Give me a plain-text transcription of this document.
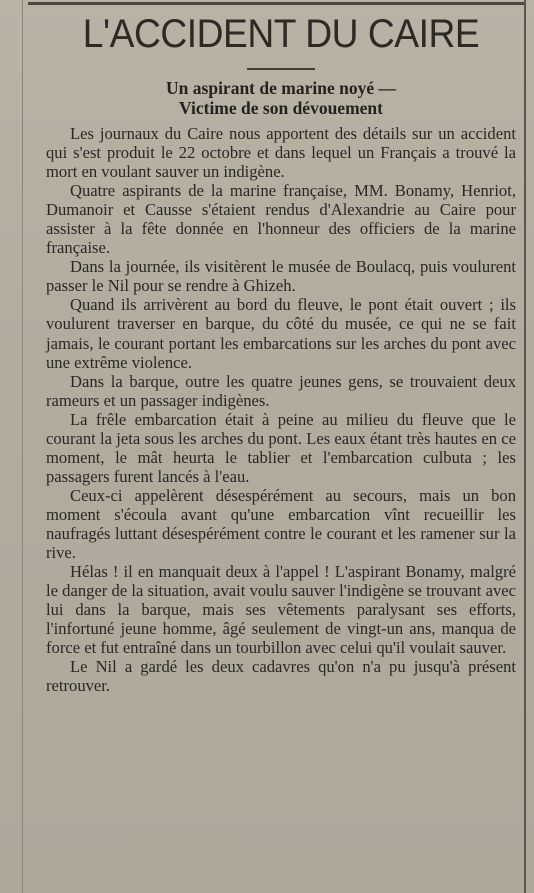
L'ACCIDENT DU CAIRE
Un aspirant de marine noyé —
Victime de son dévouement

Les journaux du Caire nous apportent des détails sur un accident qui s'est produit le 22 octobre et dans lequel un Français a trouvé la mort en voulant sauver un indigène.

Quatre aspirants de la marine française, MM. Bonamy, Henriot, Dumanoir et Causse s'étaient rendus d'Alexandrie au Caire pour assister à la fête donnée en l'honneur des officiers de la marine française.

Dans la journée, ils visitèrent le musée de Boulacq, puis voulurent passer le Nil pour se rendre à Ghizeh.

Quand ils arrivèrent au bord du fleuve, le pont était ouvert ; ils voulurent traverser en barque, du côté du musée, ce qui ne se fait jamais, le courant portant les embarcations sur les arches du pont avec une extrême violence.

Dans la barque, outre les quatre jeunes gens, se trouvaient deux rameurs et un passager indigènes.

La frêle embarcation était à peine au milieu du fleuve que le courant la jeta sous les arches du pont. Les eaux étant très hautes en ce moment, le mât heurta le tablier et l'embarcation culbuta ; les passagers furent lancés à l'eau.

Ceux-ci appelèrent désespérément au secours, mais un bon moment s'écoula avant qu'une embarcation vînt recueillir les naufragés luttant désespérément contre le courant et les ramener sur la rive.

Hélas ! il en manquait deux à l'appel ! L'aspirant Bonamy, malgré le danger de la situation, avait voulu sauver l'indigène se trouvant avec lui dans la barque, mais ses vêtements paralysant ses efforts, l'infortuné jeune homme, âgé seulement de vingt-un ans, manqua de force et fut entraîné dans un tourbillon avec celui qu'il voulait sauver.

Le Nil a gardé les deux cadavres qu'on n'a pu jusqu'à présent retrouver.
